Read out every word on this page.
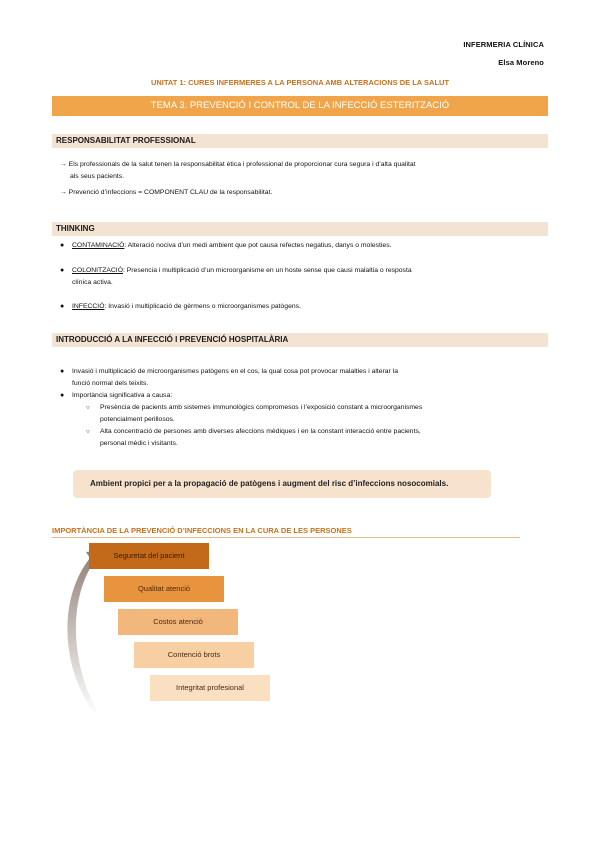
INFERMERIA CLÍNICA
Elsa Moreno
UNITAT 1: CURES INFERMERES A LA PERSONA AMB ALTERACIONS DE LA SALUT
TEMA 3. PREVENCIÓ I CONTROL DE LA INFECCIÓ ESTERITZACIÓ
RESPONSABILITAT PROFESSIONAL
→ Els professionals de la salut tenen la responsabilitat ètica i professional de proporcionar cura segura i d’alta qualitat
als seus pacients.
→ Prevenció d’infeccions = COMPONENT CLAU de la responsabilitat.
THINKING
● CONTAMINACIÓ: Alteració nociva d’un medi ambient que pot causa refectes negatius, danys o molesties.
● COLONITZACIÓ: Presencia i multiplicació d’un microorganisme en un hoste sense que causi malaltia o resposta
clínica activa.
● INFECCIÓ: Invasió i multiplicació de gèrmens o microorganismes patògens.
INTRODUCCIÓ A LA INFECCIÓ I PREVENCIÓ HOSPITALÀRIA
● Invasió i multiplicació de microorganismes patògens en el cos, la qual cosa pot provocar malalties i alterar la
funció normal dels teixits.
● Importància significativa a causa:
○ Presència de pacients amb sistemes immunològics compromesos i l’exposició constant a microorganismes
potencialment perillosos.
○ Alta concentració de persones amb diverses afeccions mèdiques i en la constant interacció entre pacients,
personal mèdic i visitants.
Ambient propici per a la propagació de patògens i augment del risc d’infeccions nosocomials.
IMPORTÀNCIA DE LA PREVENCIÓ D’INFECCIONS EN LA CURA DE LES PERSONES
Seguretat del pacient
Qualitat atenció
Costos atenció
Contenció brots
Integritat profesional
